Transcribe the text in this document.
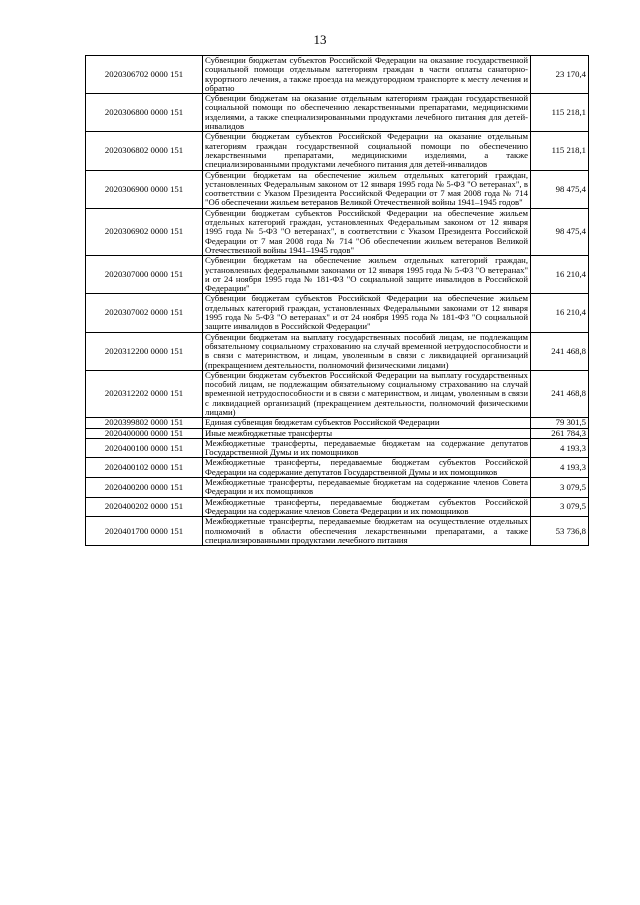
13
2020306702 0000 151	Субвенции бюджетам субъектов Российской Федерации на оказание государственной социальной помощи отдельным категориям граждан в части оплаты санаторно-курортного лечения, а также проезда на междугородном транспорте к месту лечения и обратно	23 170,4
2020306800 0000 151	Субвенции бюджетам на оказание отдельным категориям граждан государственной социальной помощи по обеспечению лекарственными препаратами, медицинскими изделиями, а также специализированными продуктами лечебного питания для детей-инвалидов	115 218,1
2020306802 0000 151	Субвенции бюджетам субъектов Российской Федерации на оказание отдельным категориям граждан государственной социальной помощи по обеспечению лекарственными препаратами, медицинскими изделиями, а также специализированными продуктами лечебного питания для детей-инвалидов	115 218,1
2020306900 0000 151	Субвенции бюджетам на обеспечение жильем отдельных категорий граждан, установленных Федеральным законом от 12 января 1995 года № 5-ФЗ "О ветеранах", в соответствии с Указом Президента Российской Федерации от 7 мая 2008 года № 714 "Об обеспечении жильем ветеранов Великой Отечественной войны 1941–1945 годов"	98 475,4
2020306902 0000 151	Субвенции бюджетам субъектов Российской Федерации на обеспечение жильем отдельных категорий граждан, установленных Федеральным законом от 12 января 1995 года № 5-ФЗ "О ветеранах", в соответствии с Указом Президента Российской Федерации от 7 мая 2008 года № 714 "Об обеспечении жильем ветеранов Великой Отечественной войны 1941–1945 годов"	98 475,4
2020307000 0000 151	Субвенции бюджетам на обеспечение жильем отдельных категорий граждан, установленных федеральными законами от 12 января 1995 года № 5-ФЗ "О ветеранах" и от 24 ноября 1995 года № 181-ФЗ "О социальной защите инвалидов в Российской Федерации"	16 210,4
2020307002 0000 151	Субвенции бюджетам субъектов Российской Федерации на обеспечение жильем отдельных категорий граждан, установленных Федеральными законами от 12 января 1995 года № 5-ФЗ "О ветеранах" и от 24 ноября 1995 года № 181-ФЗ "О социальной защите инвалидов в Российской Федерации"	16 210,4
2020312200 0000 151	Субвенции бюджетам на выплату государственных пособий лицам, не подлежащим обязательному социальному страхованию на случай временной нетрудоспособности и в связи с материнством, и лицам, уволенным в связи с ликвидацией организаций (прекращением деятельности, полномочий физическими лицами)	241 468,8
2020312202 0000 151	Субвенции бюджетам субъектов Российской Федерации на выплату государственных пособий лицам, не подлежащим обязательному социальному страхованию на случай временной нетрудоспособности и в связи с материнством, и лицам, уволенным в связи с ликвидацией организаций (прекращением деятельности, полномочий физическими лицами)	241 468,8
2020399802 0000 151	Единая субвенция бюджетам субъектов Российской Федерации	79 301,5
2020400000 0000 151	Иные межбюджетные трансферты	261 784,3
2020400100 0000 151	Межбюджетные трансферты, передаваемые бюджетам на содержание депутатов Государственной Думы и их помощников	4 193,3
2020400102 0000 151	Межбюджетные трансферты, передаваемые бюджетам субъектов Российской Федерации на содержание депутатов Государственной Думы и их помощников	4 193,3
2020400200 0000 151	Межбюджетные трансферты, передаваемые бюджетам на содержание членов Совета Федерации и их помощников	3 079,5
2020400202 0000 151	Межбюджетные трансферты, передаваемые бюджетам субъектов Российской Федерации на содержание членов Совета Федерации и их помощников	3 079,5
2020401700 0000 151	Межбюджетные трансферты, передаваемые бюджетам на осуществление отдельных полномочий в области обеспечения лекарственными препаратами, а также специализированными продуктами лечебного питания	53 736,8
